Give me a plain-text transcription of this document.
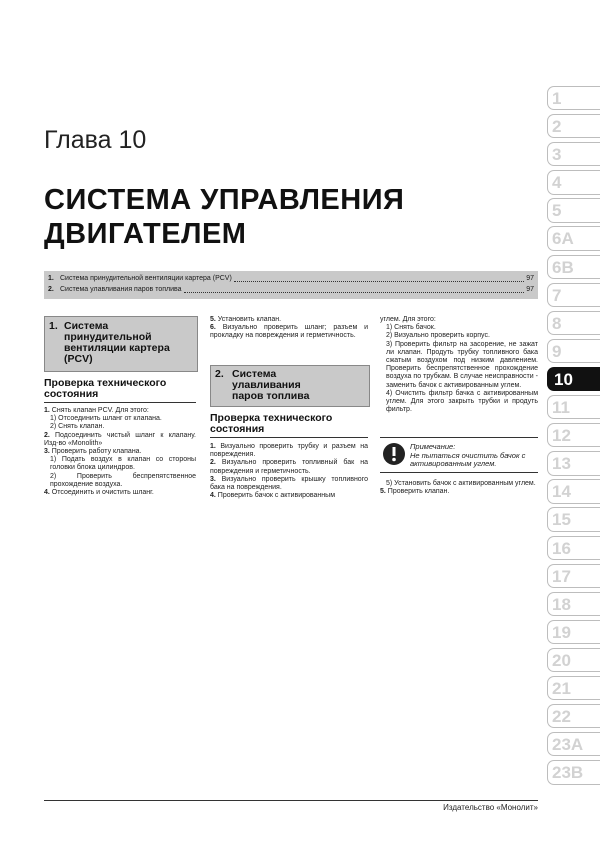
Глава 10
СИСТЕМА УПРАВЛЕНИЯ
ДВИГАТЕЛЕМ
1. Система принудительной вентиляции картера (PCV)	97
2. Система улавливания паров топлива	97
1. Система
принудительной
вентиляции картера
(PCV)
Проверка технического
состояния

1. Снять клапан PCV. Для этого:

1) Отсоединить шланг от клапана.

2) Снять клапан.

2. Подсоединить чистый шланг к клапану. Изд-во «Monolith»

3. Проверить работу клапана.

1) Подать воздух в клапан со стороны головки блока цилиндров.

2) Проверить беспрепятственное прохождение воздуха.

4. Отсоединить и очистить шланг.

5. Установить клапан.

6. Визуально проверить шланг; разъем и прокладку на повреждения и герметичность.

2. Система
улавливания
паров топлива
Проверка технического
состояния

1. Визуально проверить трубку и разъем на повреждения.

2. Визуально проверить топливный бак на повреждения и герметичность.

3. Визуально проверить крышку топливного бака на повреждения.

4. Проверить бачок с активированным

углем. Для этого:

1) Снять бачок.

2) Визуально проверить корпус.

3) Проверить фильтр на засорение, не зажат ли клапан. Продуть трубку топливного бака сжатым воздухом под низким давлением. Проверить беспрепятственное прохождение воздуха по трубкам. В случае неисправности - заменить бачок с активированным углем.

4) Очистить фильтр бачка с активированным углем. Для этого закрыть трубки и продуть фильтр.

Примечание:
Не пытаться очистить бачок с активированным углем.

5) Установить бачок с активированным углем.

5. Проверить клапан.

Издательство «Монолит»
1
2
3
4
5
6A
6B
7
8
9
10
11
12
13
14
15
16
17
18
19
20
21
22
23A
23B
